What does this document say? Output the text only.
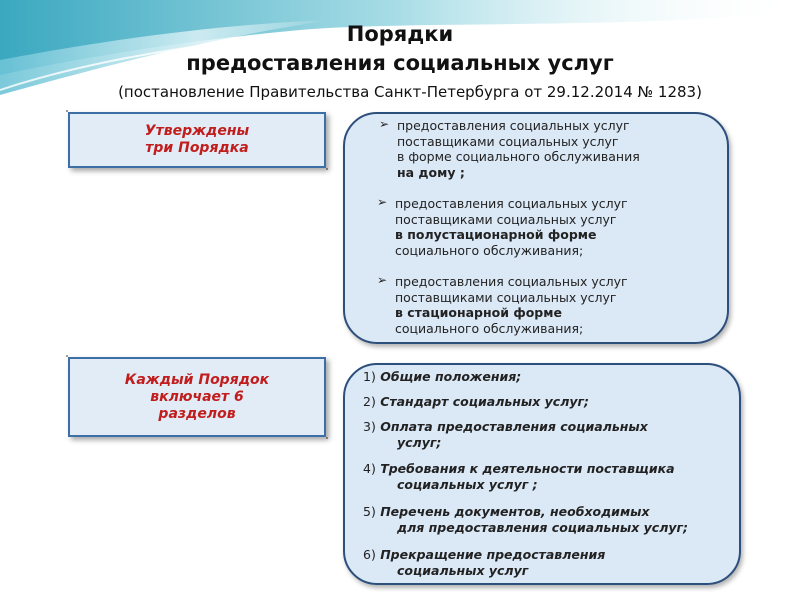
Порядки
предоставления социальных услуг
(постановление Правительства Санкт-Петербурга от 29.12.2014 № 1283)
Утверждены
три Порядка
Каждый Порядок
включает 6
разделов
➢ предоставления социальных услуг
поставщиками социальных услуг
в форме социального обслуживания
на дому ;
➢ предоставления социальных услуг
поставщиками социальных услуг
в полустационарной форме
социального обслуживания;
➢ предоставления социальных услуг
поставщиками социальных услуг
в стационарной форме
социального обслуживания;
1) Общие положения;
2) Стандарт социальных услуг;
3) Оплата предоставления социальных
услуг;
4) Требования к деятельности поставщика
социальных услуг ;
5) Перечень документов, необходимых
для предоставления социальных услуг;
6) Прекращение предоставления
социальных услуг
